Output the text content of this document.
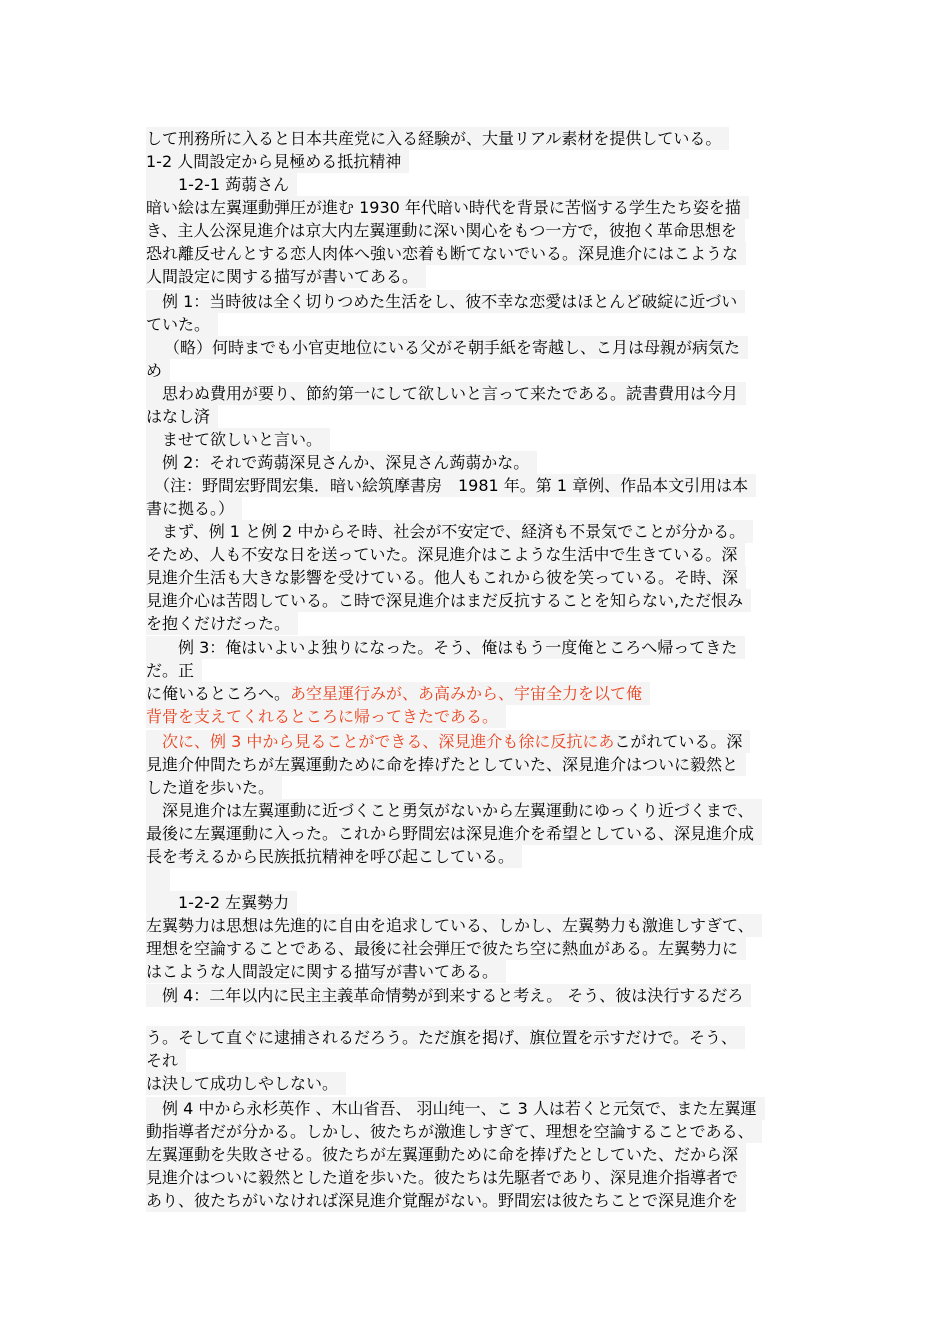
して刑務所に入ると日本共産党に入る経験が、大量リアル素材を提供している。
1-2 人間設定から見極める抵抗精神
1-2-1 蒟蒻さん
暗い絵は左翼運動弾圧が進む 1930 年代暗い時代を背景に苦悩する学生たち姿を描
き、主人公深見進介は京大内左翼運動に深い関心をもつ一方で，彼抱く革命思想を
恐れ離反せんとする恋人肉体へ強い恋着も断てないでいる。深見進介にはこような
人間設定に関する描写が書いてある。
例 1：当時彼は全く切りつめた生活をし、彼不幸な恋愛はほとんど破綻に近づい
ていた。
（略）何時までも小官吏地位にいる父がそ朝手紙を寄越し、こ月は母親が病気た
め
思わぬ費用が要り、節約第一にして欲しいと言って来たである。読書費用は今月
はなし済
ませて欲しいと言い。
例 2：それで蒟蒻深見さんか、深見さん蒟蒻かな。
（注：野間宏野間宏集．暗い絵筑摩書房　1981 年。第 1 章例、作品本文引用は本
書に拠る。）
まず、例 1 と例 2 中からそ時、社会が不安定で、経済も不景気でことが分かる。
そため、人も不安な日を送っていた。深見進介はこような生活中で生きている。深
見進介生活も大きな影響を受けている。他人もこれから彼を笑っている。そ時、深
見進介心は苦悶している。こ時で深見進介はまだ反抗することを知らない,ただ恨み
を抱くだけだった。
例 3：俺はいよいよ独りになった。そう、俺はもう一度俺ところへ帰ってきた
だ。正
に俺いるところへ。あ空星運行みが、あ高みから、宇宙全力を以て俺
背骨を支えてくれるところに帰ってきたである。
次に、例 3 中から見ることができる、深見進介も徐に反抗にあこがれている。深
見進介仲間たちが左翼運動ために命を捧げたとしていた、深見進介はついに毅然と
した道を歩いた。
深見進介は左翼運動に近づくこと勇気がないから左翼運動にゆっくり近づくまで、
最後に左翼運動に入った。これから野間宏は深見進介を希望としている、深見進介成
長を考えるから民族抵抗精神を呼び起こしている。
1-2-2 左翼勢力
左翼勢力は思想は先進的に自由を追求している、しかし、左翼勢力も激進しすぎて、
理想を空論することである、最後に社会弾圧で彼たち空に熱血がある。左翼勢力に
はこような人間設定に関する描写が書いてある。
例 4：二年以内に民主主義革命情勢が到来すると考え。 そう、彼は決行するだろ
う。そして直ぐに逮捕されるだろう。ただ旗を掲げ、旗位置を示すだけで。そう、
それ
は決して成功しやしない。
例 4 中から永杉英作 、木山省吾、 羽山纯一、こ 3 人は若くと元気で、また左翼運
動指導者だが分かる。しかし、彼たちが激進しすぎて、理想を空論することである、
左翼運動を失敗させる。彼たちが左翼運動ために命を捧げたとしていた、だから深
見進介はついに毅然とした道を歩いた。彼たちは先駆者であり、深見進介指導者で
あり、彼たちがいなければ深見進介覚醒がない。野間宏は彼たちことで深見進介を
